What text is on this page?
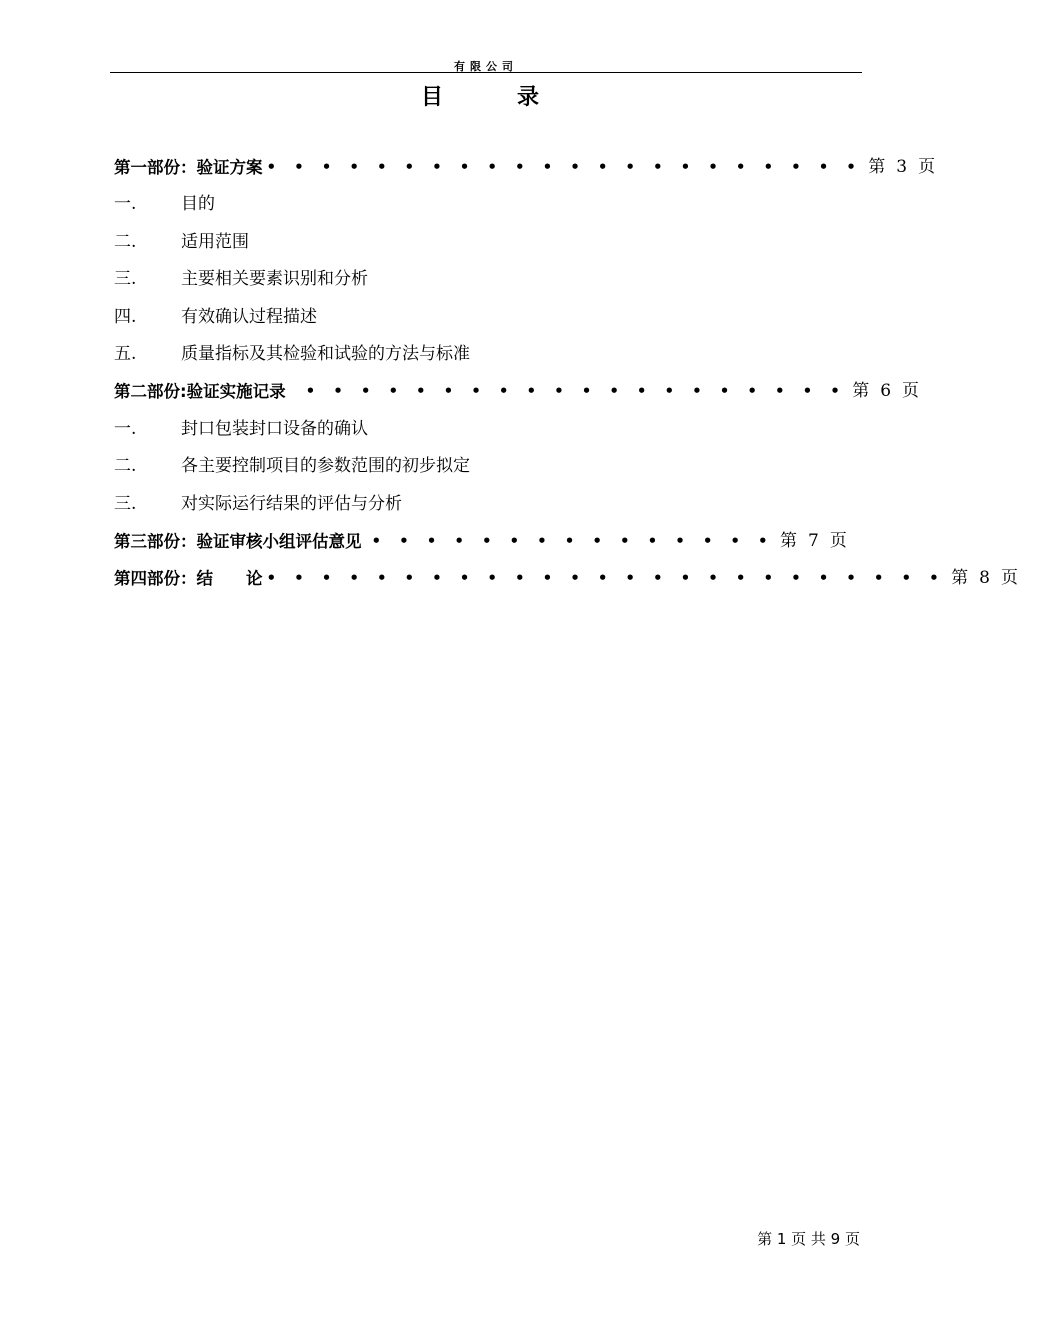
有限公司
目	录
第一部份：验证方案 • • • • • • • • • • • • • • • • • • • • • • 第 3 页
一.	目的
二.	适用范围
三.	主要相关要素识别和分析
四.	有效确认过程描述
五.	质量指标及其检验和试验的方法与标准
第二部份:验证实施记录	• • • • • • • • • • • • • • • • • • • • 第 6 页
一.	封口包装封口设备的确认
二.	各主要控制项目的参数范围的初步拟定
三.	对实际运行结果的评估与分析
第三部份：验证审核小组评估意见 • • • • • • • • • • • • • • • 第 7 页
第四部份：结　　论 • • • • • • • • • • • • • • • • • • • • • • • • • 第 8 页
第 1 页 共 9 页
